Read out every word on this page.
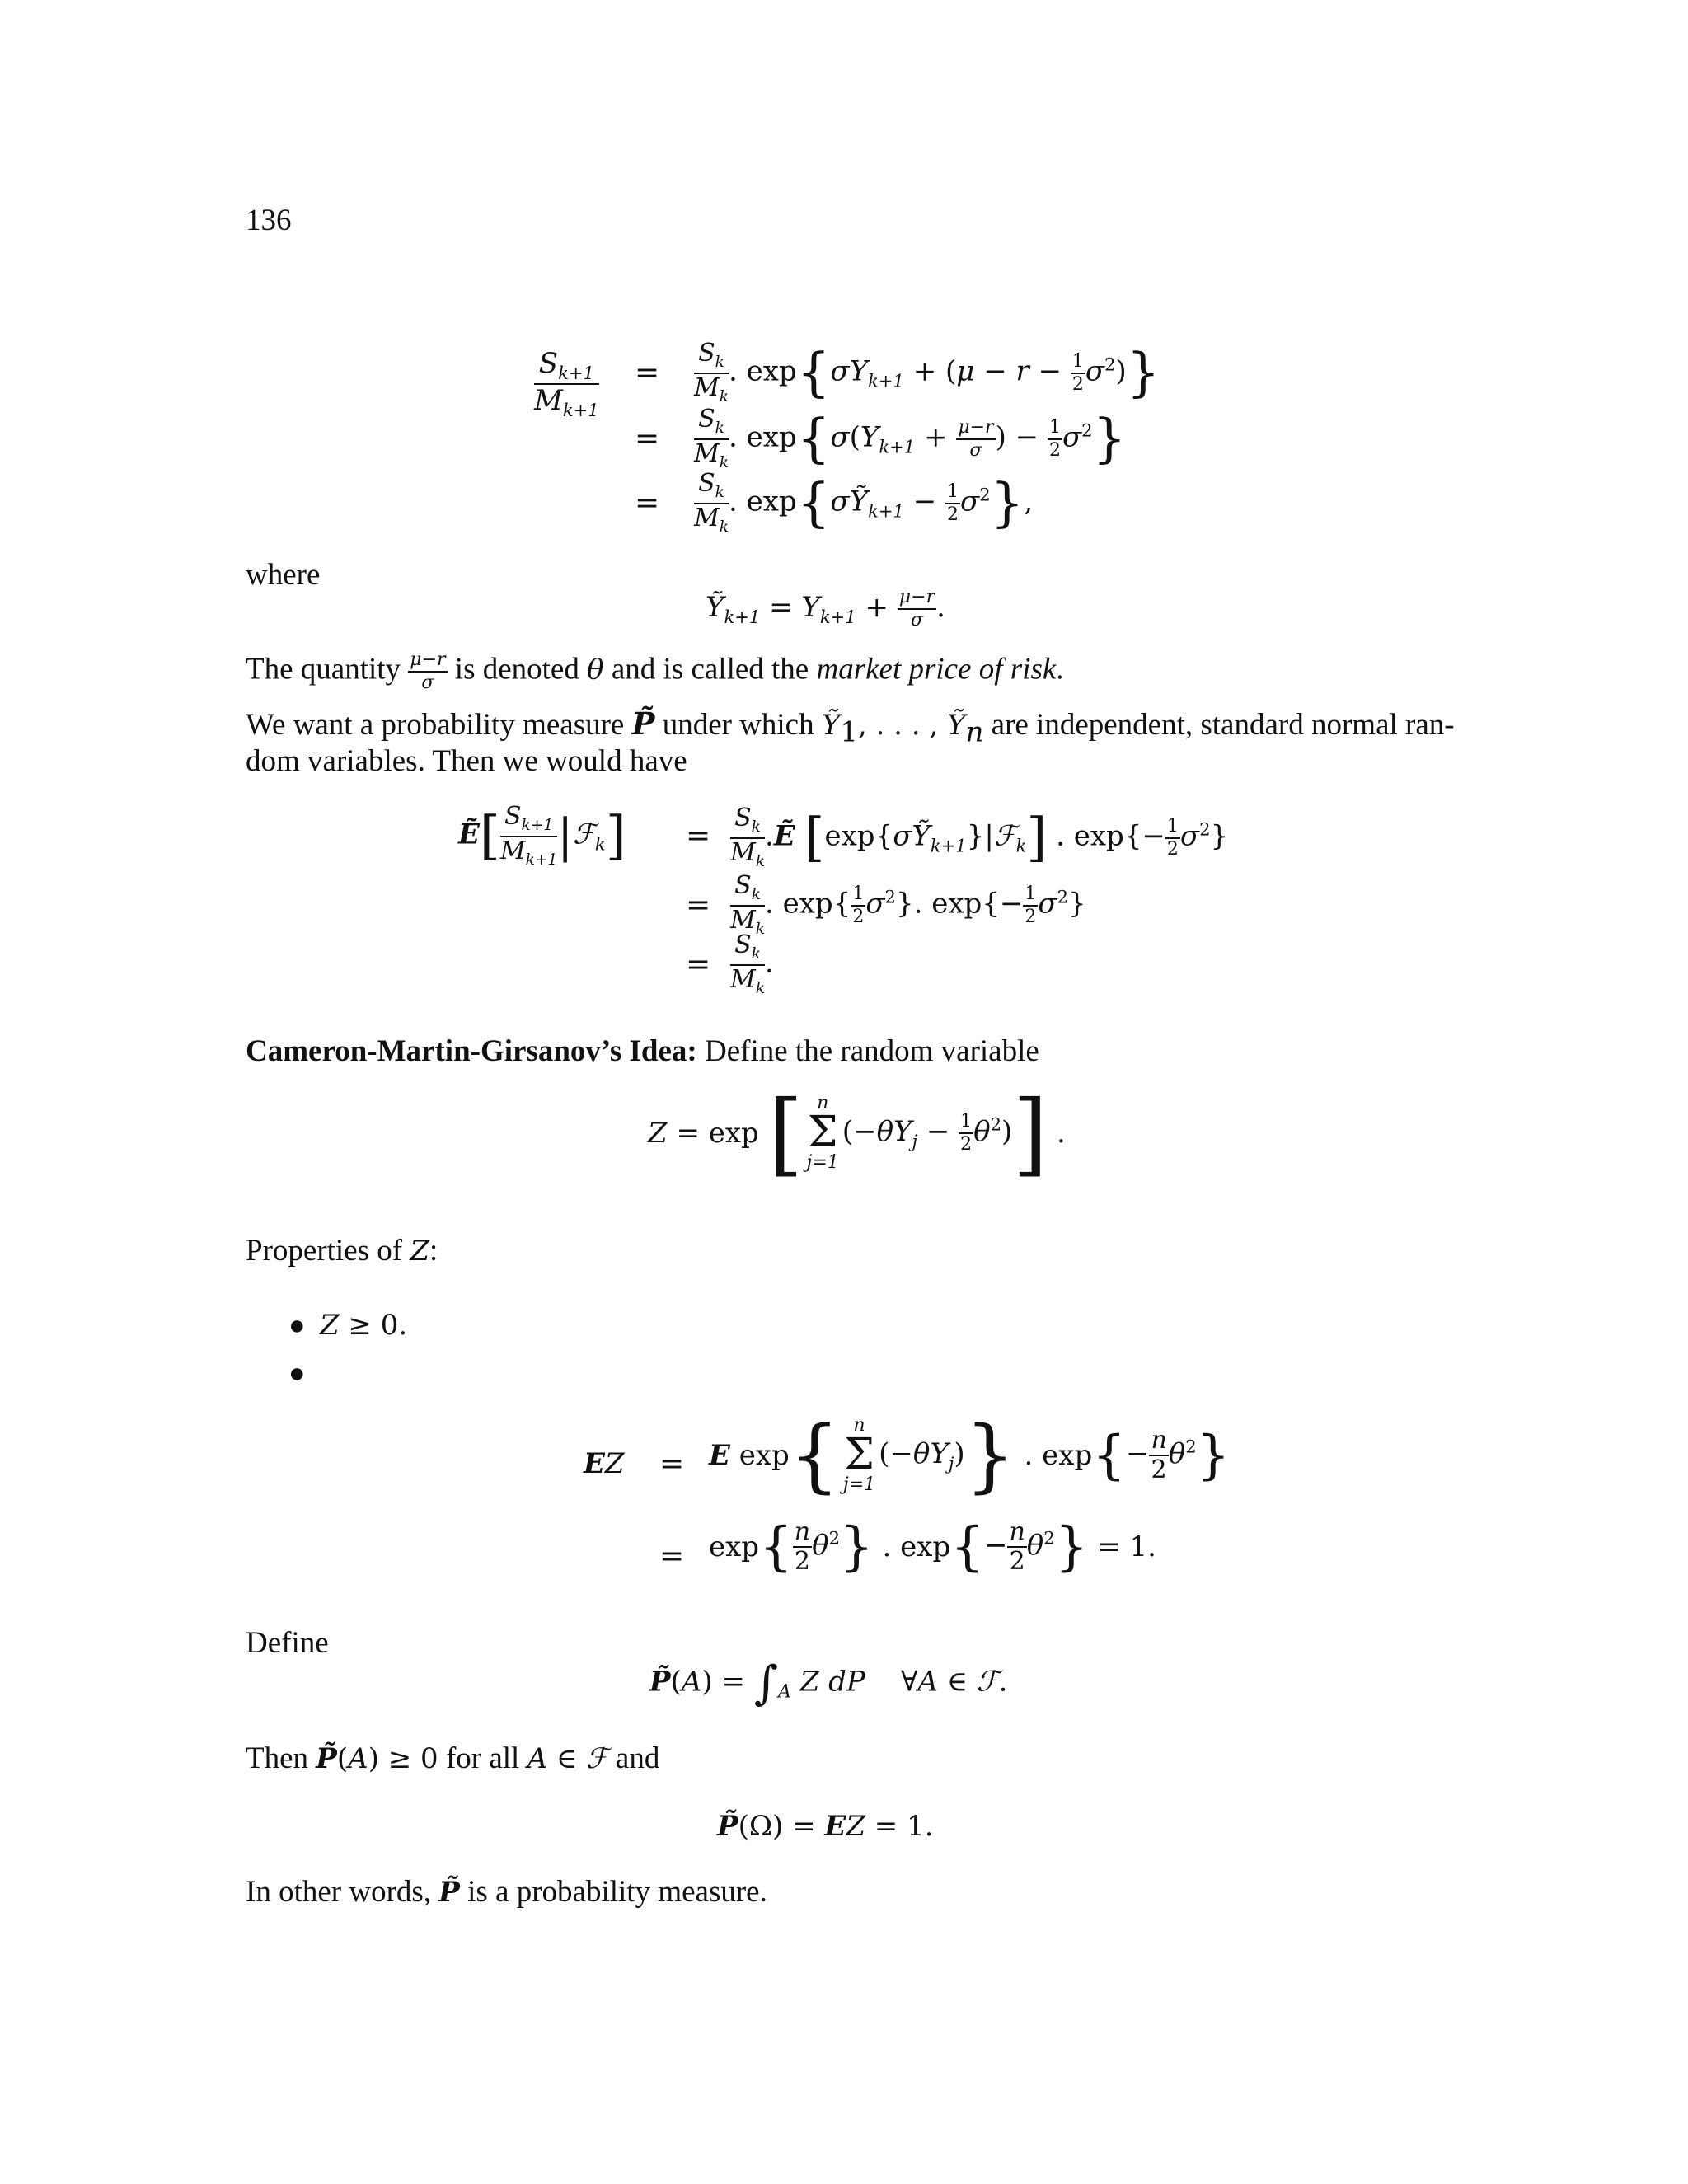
136
$\frac{S_{k+1}}{M_{k+1}} = \frac{S_k}{M_k}$ . $\exp\{\sigma Y_{k+1} + (\mu - r - \frac{1}{2} \sigma^2)\}$
= $\frac{S_k}{M_k}$ . $\exp\{\sigma(Y_{k+1} + \frac{\mu-r}{\sigma}$ ) − $\frac{1}{2} \sigma^2$}
= $\frac{S_k}{M_k}$ . exp{σỸ$_{k+1}$ − $\frac{1}{2} \sigma^2$},
where
Ỹ$_{k+1}$ = $Y_{k+1} + \frac{\mu-r}{\sigma}$ .
The quantity $\frac{\mu-r}{\sigma}$ is denoted θ and is called the market price of risk.
We want a probability measure P̃ under which Ỹ$_1$, . . . , Ỹ$_n$ are independent, standard normal ran-
dom variables. Then we would have
Ẽ[ $\frac{S_{k+1}}{M_{k+1}}$ |ℱ$_k$] = $\frac{S_k}{M_k}$ .Ẽ [exp{σỸ$_{k+1}$}|ℱ$_k$] . $\exp\{- \frac{1}{2} \sigma^2\}$
= $\frac{S_k}{M_k}$ . $\exp\{ \frac{1}{2} \sigma^2\}$. $\exp\{- \frac{1}{2} \sigma^2\}$
= $\frac{S_k}{M_k}$ .
Cameron-Martin-Girsanov’s Idea: Define the random variable
Z = exp [ n
Σ
j=1
$(-\theta Y_j - \frac{1}{2} \theta^2)$] .
Properties of Z:
● Z ≥ 0.
●
EZ = E exp{ n
Σ
j=1
$(-\theta Y_j)$} . $\exp\{- \frac{n}{2} \theta^2\}$
= $\exp\{ \frac{n}{2} \theta^2\}$ . $\exp\{- \frac{n}{2} \theta^2\} = 1$.
Define
P̃(A) = $\int_A$ Z dP    ∀A ∈ ℱ.
Then P̃(A) ≥ 0 for all A ∈ ℱ and
P̃(Ω) = EZ = 1.
In other words, P̃ is a probability measure.
